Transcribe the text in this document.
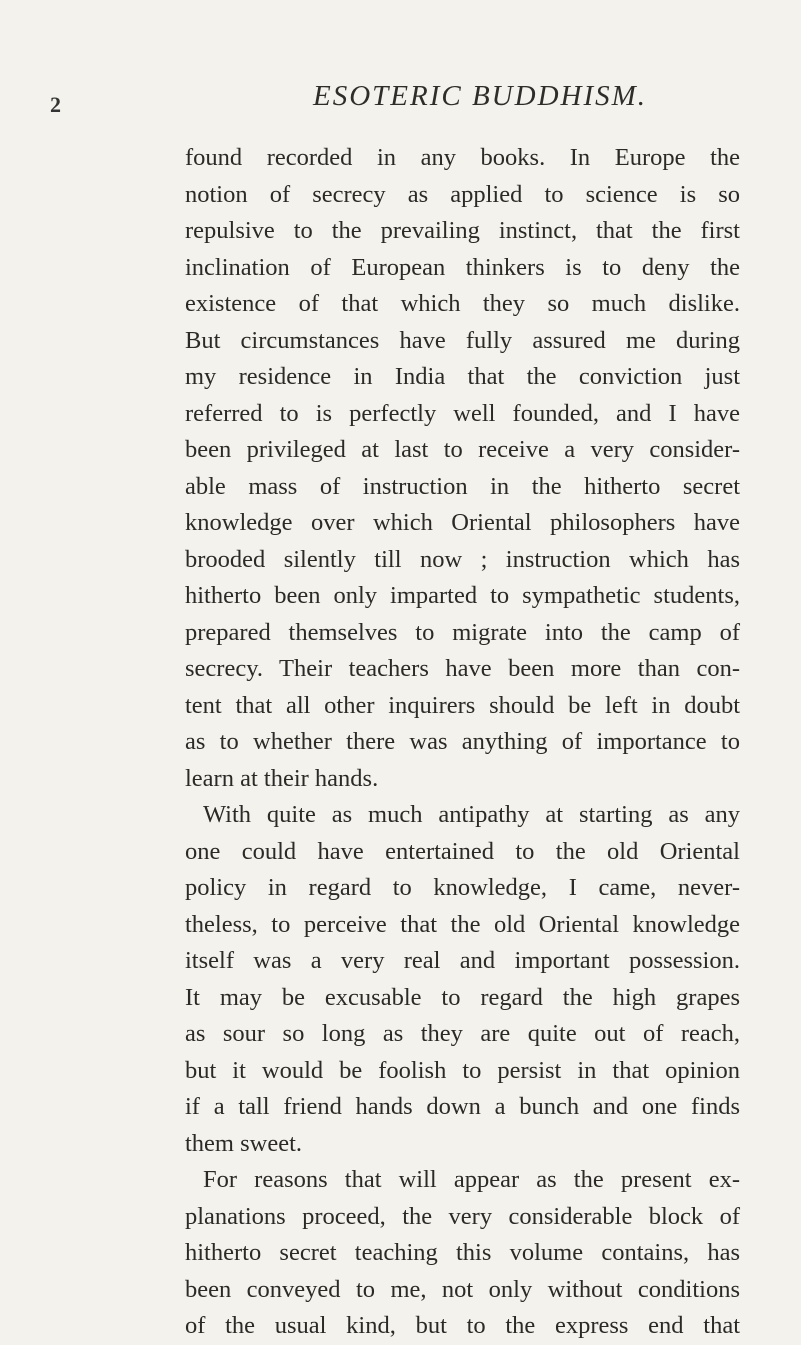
2	ESOTERIC BUDDHISM.
found recorded in any books. In Europe the
notion of secrecy as applied to science is so
repulsive to the prevailing instinct, that the first
inclination of European thinkers is to deny the
existence of that which they so much dislike.
But circumstances have fully assured me during
my residence in India that the conviction just
referred to is perfectly well founded, and I have
been privileged at last to receive a very consider-
able mass of instruction in the hitherto secret
knowledge over which Oriental philosophers have
brooded silently till now ; instruction which has
hitherto been only imparted to sympathetic students,
prepared themselves to migrate into the camp of
secrecy. Their teachers have been more than con-
tent that all other inquirers should be left in doubt
as to whether there was anything of importance to
learn at their hands.
With quite as much antipathy at starting as any
one could have entertained to the old Oriental
policy in regard to knowledge, I came, never-
theless, to perceive that the old Oriental knowledge
itself was a very real and important possession.
It may be excusable to regard the high grapes
as sour so long as they are quite out of reach,
but it would be foolish to persist in that opinion
if a tall friend hands down a bunch and one finds
them sweet.
For reasons that will appear as the present ex-
planations proceed, the very considerable block of
hitherto secret teaching this volume contains, has
been conveyed to me, not only without conditions
of the usual kind, but to the express end that
